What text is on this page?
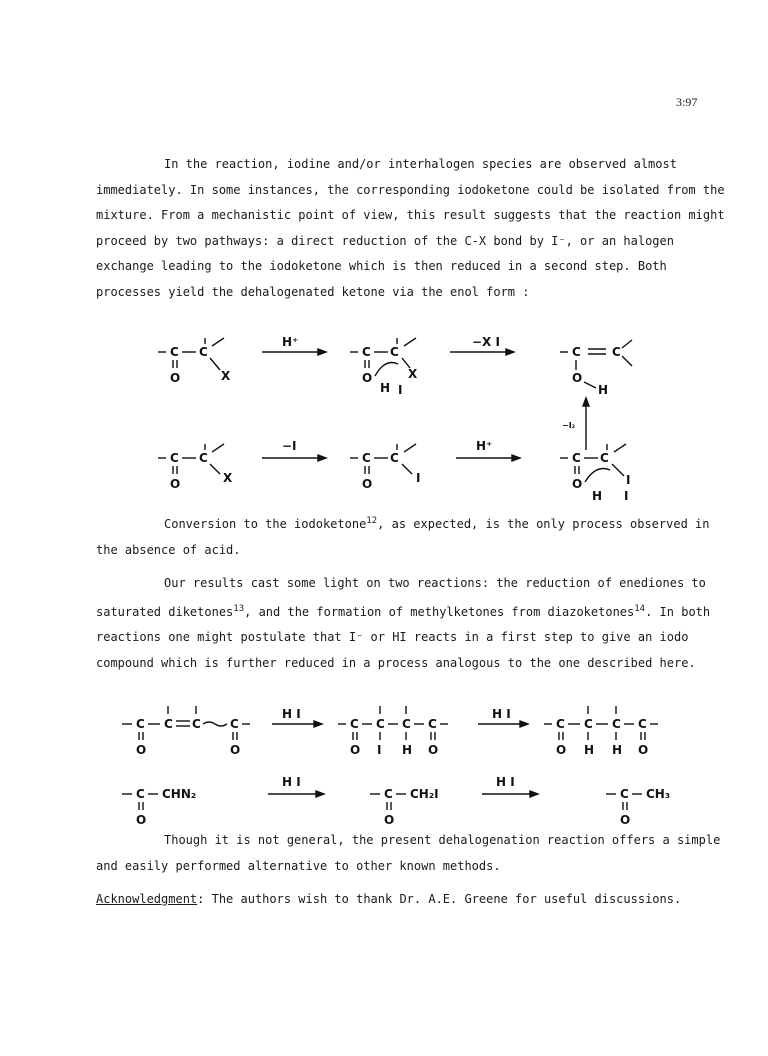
3:97

In the reaction, iodine and/or interhalogen species are observed almost immediately. In some instances, the corresponding iodoketone could be isolated from the mixture. From a mechanistic point of view, this result suggests that the reaction might proceed by two pathways: a direct reduction of the C-X bond by I⁻, or an halogen exchange leading to the iodoketone which is then reduced in a second step. Both processes yield the dehalogenated ketone via the enol form :

C C
X
O
H⁺
C C
X
O
H I
−X I
C	C
O
H
−I₂
C C
X
O
−I
C C
I
O
H⁺
C C
I
O
H I

Conversion to the iodoketone$^{12}$, as expected, is the only process observed in the absence of acid.

Our results cast some light on two reactions: the reduction of enediones to saturated diketones$^{13}$, and the formation of methylketones from diazoketones$^{14}$. In both reactions one might postulate that I⁻ or HI reacts in a first step to give an iodo compound which is further reduced in a process analogous to the one described here.

C C C C
O	O
H I
C C C C
O I H O
H I
C C C C
O H H O
C CHN₂
O
H I
C CH₂I
O
H I
C CH₃
O

Though it is not general, the present dehalogenation reaction offers a simple and easily performed alternative to other known methods.

Acknowledgment: The authors wish to thank Dr. A.E. Greene for useful discussions.
